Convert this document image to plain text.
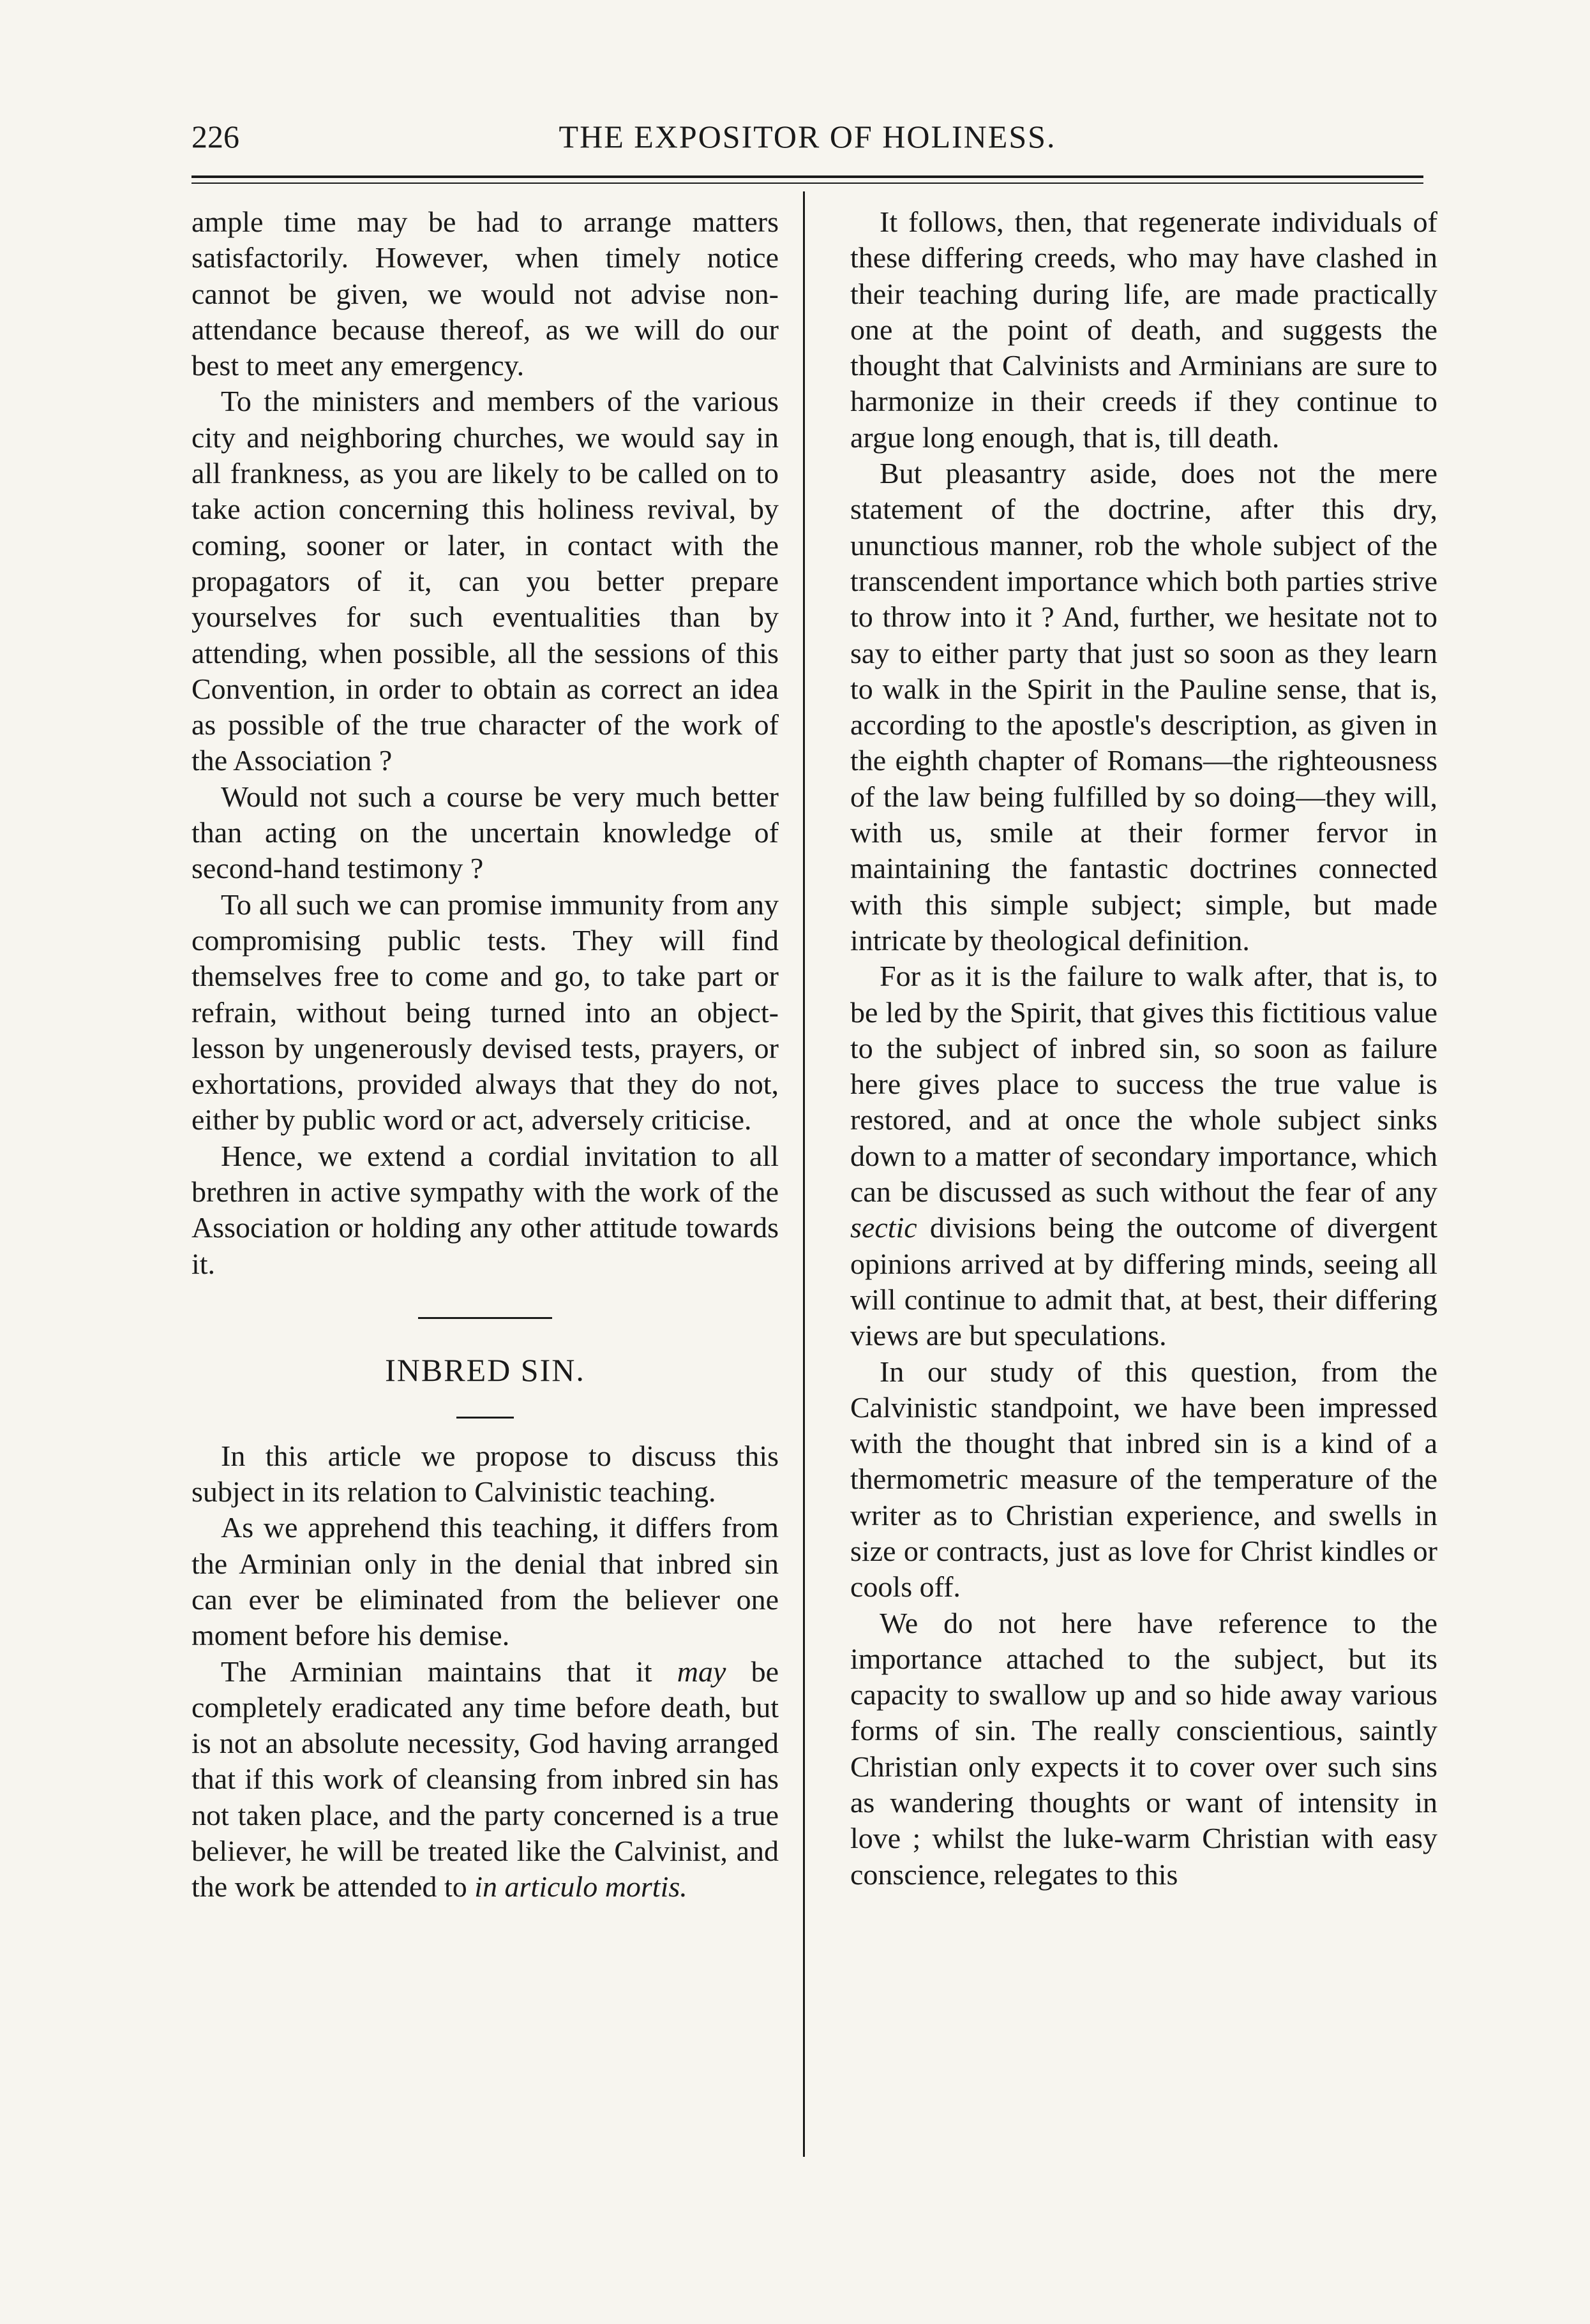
226	THE EXPOSITOR OF HOLINESS.

ample time may be had to arrange matters satisfactorily. However, when timely notice cannot be given, we would not advise non-attendance because thereof, as we will do our best to meet any emergency.

To the ministers and members of the various city and neighboring churches, we would say in all frankness, as you are likely to be called on to take action concerning this holiness revival, by coming, sooner or later, in contact with the propagators of it, can you better prepare yourselves for such eventualities than by attending, when possible, all the sessions of this Convention, in order to obtain as correct an idea as possible of the true character of the work of the Association ?

Would not such a course be very much better than acting on the uncertain knowledge of second-hand testimony ?

To all such we can promise immunity from any compromising public tests. They will find themselves free to come and go, to take part or refrain, without being turned into an object-lesson by ungenerously devised tests, prayers, or exhortations, provided always that they do not, either by public word or act, adversely criticise.

Hence, we extend a cordial invitation to all brethren in active sympathy with the work of the Association or holding any other attitude towards it.

INBRED SIN.

In this article we propose to discuss this subject in its relation to Calvinistic teaching.

As we apprehend this teaching, it differs from the Arminian only in the denial that inbred sin can ever be eliminated from the believer one moment before his demise.

The Arminian maintains that it may be completely eradicated any time before death, but is not an absolute necessity, God having arranged that if this work of cleansing from inbred sin has not taken place, and the party concerned is a true believer, he will be treated like the Calvinist, and the work be attended to in articulo mortis.

It follows, then, that regenerate individuals of these differing creeds, who may have clashed in their teaching during life, are made practically one at the point of death, and suggests the thought that Calvinists and Arminians are sure to harmonize in their creeds if they continue to argue long enough, that is, till death.

But pleasantry aside, does not the mere statement of the doctrine, after this dry, ununctious manner, rob the whole subject of the transcendent importance which both parties strive to throw into it ? And, further, we hesitate not to say to either party that just so soon as they learn to walk in the Spirit in the Pauline sense, that is, according to the apostle's description, as given in the eighth chapter of Romans—the righteousness of the law being fulfilled by so doing—they will, with us, smile at their former fervor in maintaining the fantastic doctrines connected with this simple subject; simple, but made intricate by theological definition.

For as it is the failure to walk after, that is, to be led by the Spirit, that gives this fictitious value to the subject of inbred sin, so soon as failure here gives place to success the true value is restored, and at once the whole subject sinks down to a matter of secondary importance, which can be discussed as such without the fear of any sectic divisions being the outcome of divergent opinions arrived at by differing minds, seeing all will continue to admit that, at best, their differing views are but speculations.

In our study of this question, from the Calvinistic standpoint, we have been impressed with the thought that inbred sin is a kind of a thermometric measure of the temperature of the writer as to Christian experience, and swells in size or contracts, just as love for Christ kindles or cools off.

We do not here have reference to the importance attached to the subject, but its capacity to swallow up and so hide away various forms of sin. The really conscientious, saintly Christian only expects it to cover over such sins as wandering thoughts or want of intensity in love ; whilst the luke-warm Christian with easy conscience, relegates to this
